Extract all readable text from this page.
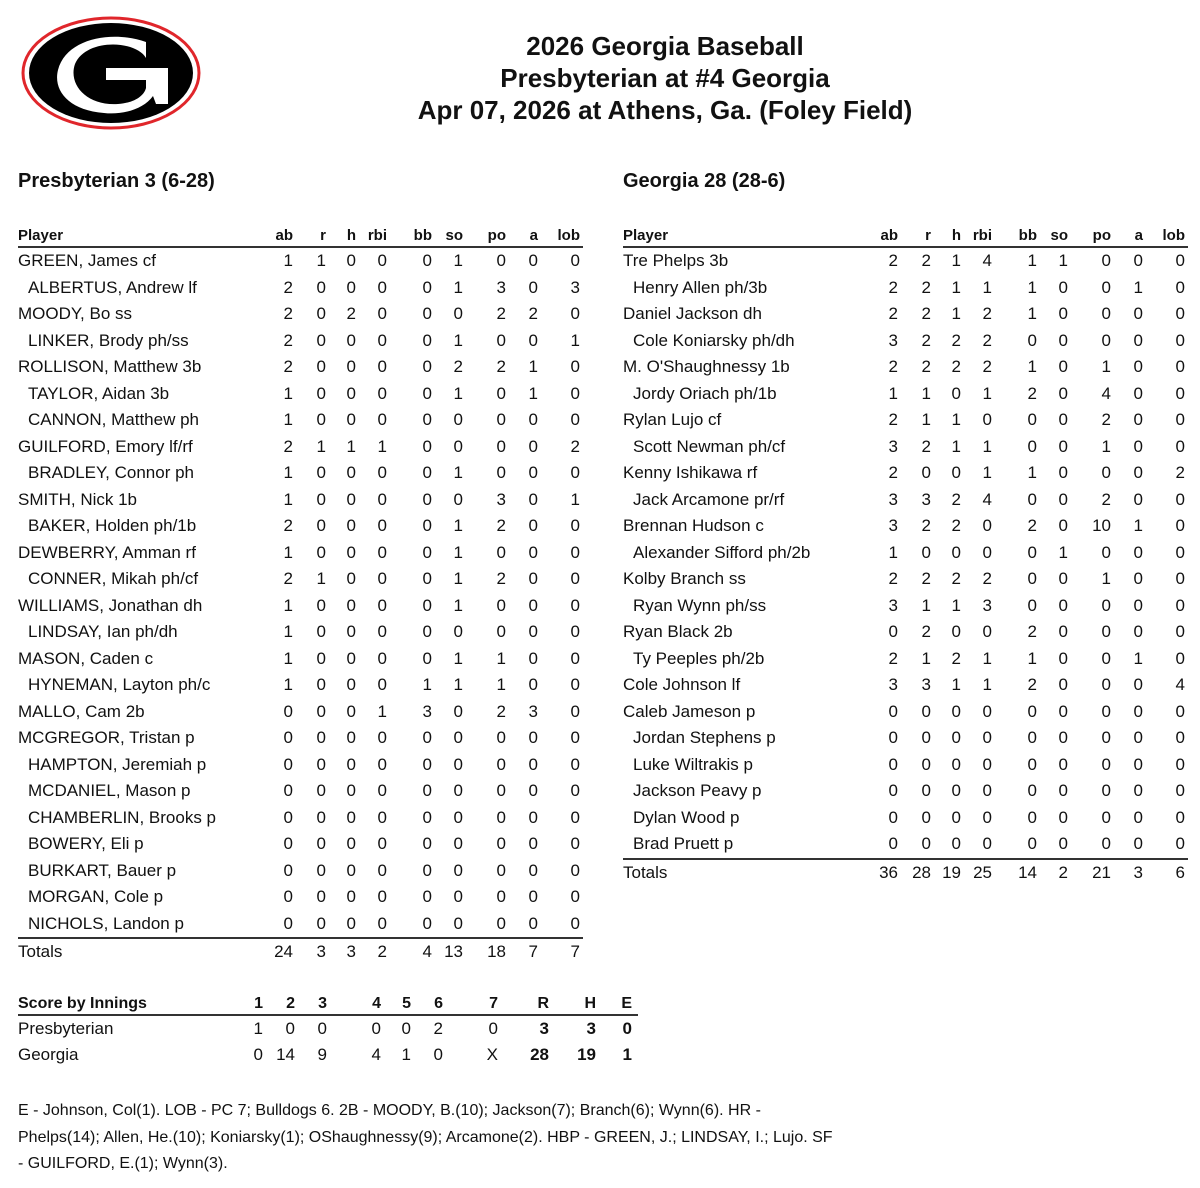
2026 Georgia Baseball
Presbyterian at #4 Georgia
Apr 07, 2026 at Athens, Ga. (Foley Field)
Presbyterian 3 (6-28)	Georgia 28 (28-6)
Player	ab	r	h rbi	bb so	po	a	lob
GREEN, James cf	1	1	0	0	0	1	0	0	0
ALBERTUS, Andrew lf	2	0	0	0	0	1	3	0	3
MOODY, Bo ss	2	0	2	0	0	0	2	2	0
LINKER, Brody ph/ss	2	0	0	0	0	1	0	0	1
ROLLISON, Matthew 3b	2	0	0	0	0	2	2	1	0
TAYLOR, Aidan 3b	1	0	0	0	0	1	0	1	0
CANNON, Matthew ph	1	0	0	0	0	0	0	0	0
GUILFORD, Emory lf/rf	2	1	1	1	0	0	0	0	2
BRADLEY, Connor ph	1	0	0	0	0	1	0	0	0
SMITH, Nick 1b	1	0	0	0	0	0	3	0	1
BAKER, Holden ph/1b	2	0	0	0	0	1	2	0	0
DEWBERRY, Amman rf	1	0	0	0	0	1	0	0	0
CONNER, Mikah ph/cf	2	1	0	0	0	1	2	0	0
WILLIAMS, Jonathan dh	1	0	0	0	0	1	0	0	0
LINDSAY, Ian ph/dh	1	0	0	0	0	0	0	0	0
MASON, Caden c	1	0	0	0	0	1	1	0	0
HYNEMAN, Layton ph/c	1	0	0	0	1	1	1	0	0
MALLO, Cam 2b	0	0	0	1	3	0	2	3	0
MCGREGOR, Tristan p	0	0	0	0	0	0	0	0	0
HAMPTON, Jeremiah p	0	0	0	0	0	0	0	0	0
MCDANIEL, Mason p	0	0	0	0	0	0	0	0	0
CHAMBERLIN, Brooks p	0	0	0	0	0	0	0	0	0
BOWERY, Eli p	0	0	0	0	0	0	0	0	0
BURKART, Bauer p	0	0	0	0	0	0	0	0	0
MORGAN, Cole p	0	0	0	0	0	0	0	0	0
NICHOLS, Landon p	0	0	0	0	0	0	0	0	0
Totals	24	3	3	2	4 13	18	7	7
Player	ab	r	h rbi	bb so	po	a	lob
Tre Phelps 3b	2	2	1	4	1	1	0	0	0
Henry Allen ph/3b	2	2	1	1	1	0	0	1	0
Daniel Jackson dh	2	2	1	2	1	0	0	0	0
Cole Koniarsky ph/dh	3	2	2	2	0	0	0	0	0
M. O'Shaughnessy 1b	2	2	2	2	1	0	1	0	0
Jordy Oriach ph/1b	1	1	0	1	2	0	4	0	0
Rylan Lujo cf	2	1	1	0	0	0	2	0	0
Scott Newman ph/cf	3	2	1	1	0	0	1	0	0
Kenny Ishikawa rf	2	0	0	1	1	0	0	0	2
Jack Arcamone pr/rf	3	3	2	4	0	0	2	0	0
Brennan Hudson c	3	2	2	0	2	0	10	1	0
Alexander Sifford ph/2b	1	0	0	0	0	1	0	0	0
Kolby Branch ss	2	2	2	2	0	0	1	0	0
Ryan Wynn ph/ss	3	1	1	3	0	0	0	0	0
Ryan Black 2b	0	2	0	0	2	0	0	0	0
Ty Peeples ph/2b	2	1	2	1	1	0	0	1	0
Cole Johnson lf	3	3	1	1	2	0	0	0	4
Caleb Jameson p	0	0	0	0	0	0	0	0	0
Jordan Stephens p	0	0	0	0	0	0	0	0	0
Luke Wiltrakis p	0	0	0	0	0	0	0	0	0
Jackson Peavy p	0	0	0	0	0	0	0	0	0
Dylan Wood p	0	0	0	0	0	0	0	0	0
Brad Pruett p	0	0	0	0	0	0	0	0	0
Totals	36 28 19 25	14	2	21	3	6
Score by Innings	1	2	3	4	5	6	7	R	H	E
Presbyterian	1	0	0	0	0	2	0	3	3	0
Georgia	0 14	9	4	1	0	X	28	19	1
E - Johnson, Col(1). LOB - PC 7; Bulldogs 6. 2B - MOODY, B.(10); Jackson(7); Branch(6); Wynn(6). HR -
Phelps(14); Allen, He.(10); Koniarsky(1); OShaughnessy(9); Arcamone(2). HBP - GREEN, J.; LINDSAY, I.; Lujo. SF
- GUILFORD, E.(1); Wynn(3).
